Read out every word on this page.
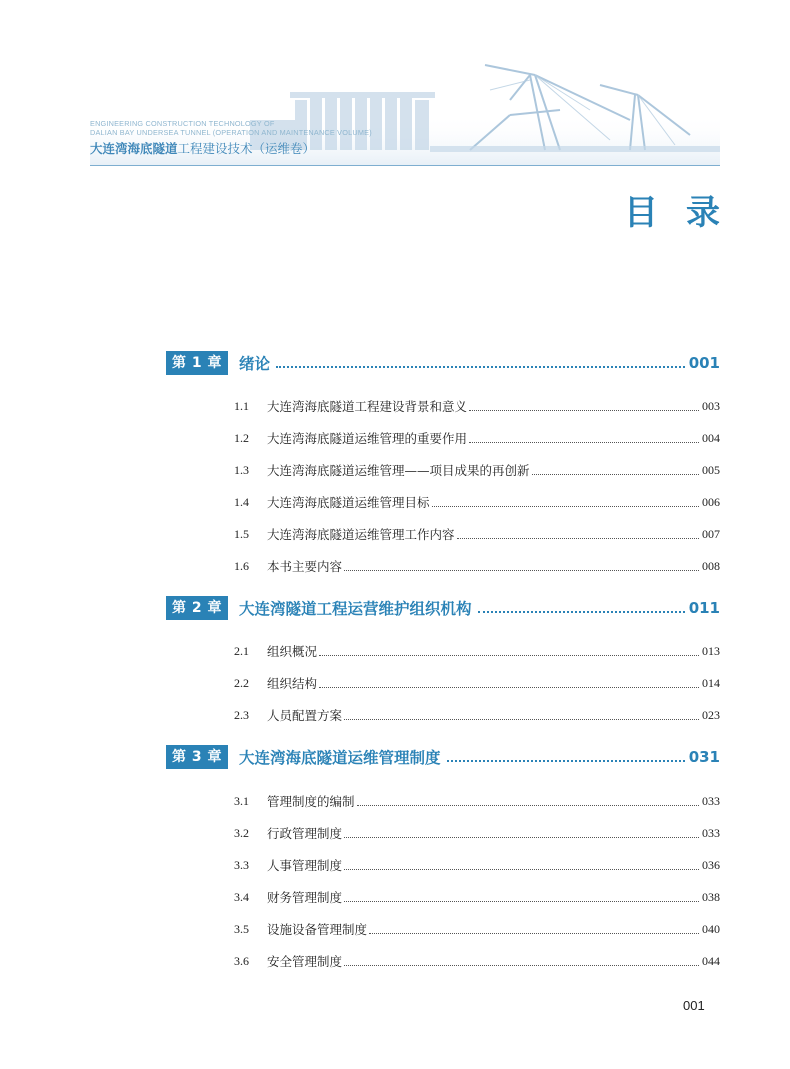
ENGINEERING CONSTRUCTION TECHNOLOGY OF
DALIAN BAY UNDERSEA TUNNEL (OPERATION AND MAINTENANCE VOLUME)
大连湾海底隧道工程建设技术（运维卷）
目录
第 1 章	绪论	001
1.1	大连湾海底隧道工程建设背景和意义	003
1.2	大连湾海底隧道运维管理的重要作用	004
1.3	大连湾海底隧道运维管理——项目成果的再创新	005
1.4	大连湾海底隧道运维管理目标	006
1.5	大连湾海底隧道运维管理工作内容	007
1.6	本书主要内容	008
第 2 章	大连湾隧道工程运营维护组织机构	011
2.1	组织概况	013
2.2	组织结构	014
2.3	人员配置方案	023
第 3 章	大连湾海底隧道运维管理制度	031
3.1	管理制度的编制	033
3.2	行政管理制度	033
3.3	人事管理制度	036
3.4	财务管理制度	038
3.5	设施设备管理制度	040
3.6	安全管理制度	044
001
